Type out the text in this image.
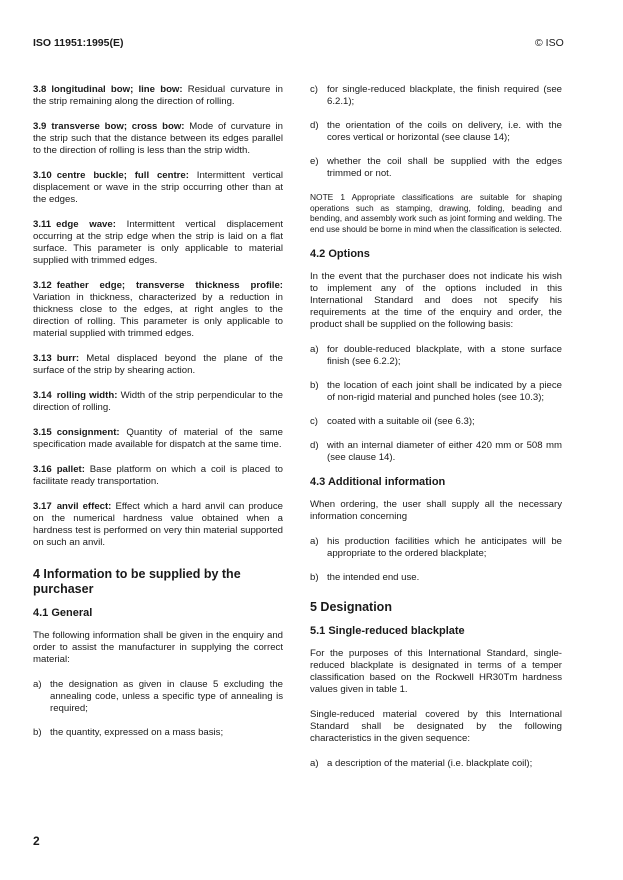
ISO 11951:1995(E)	© ISO

3.8 longitudinal bow; line bow: Residual curvature in the strip remaining along the direction of rolling.

3.9 transverse bow; cross bow: Mode of curvature in the strip such that the distance between its edges parallel to the direction of rolling is less than the strip width.

3.10 centre buckle; full centre: Intermittent vertical displacement or wave in the strip occurring other than at the edges.

3.11 edge wave: Intermittent vertical displacement occurring at the strip edge when the strip is laid on a flat surface. This parameter is only applicable to material supplied with trimmed edges.

3.12 feather edge; transverse thickness profile: Variation in thickness, characterized by a reduction in thickness close to the edges, at right angles to the direction of rolling. This parameter is only applicable to material supplied with trimmed edges.

3.13 burr: Metal displaced beyond the plane of the surface of the strip by shearing action.

3.14 rolling width: Width of the strip perpendicular to the direction of rolling.

3.15 consignment: Quantity of material of the same specification made available for dispatch at the same time.

3.16 pallet: Base platform on which a coil is placed to facilitate ready transportation.

3.17 anvil effect: Effect which a hard anvil can produce on the numerical hardness value obtained when a hardness test is performed on very thin material supported on such an anvil.

4 Information to be supplied by the purchaser
4.1 General

The following information shall be given in the enquiry and order to assist the manufacturer in supplying the correct material:

a) the designation as given in clause 5 excluding the annealing code, unless a specific type of annealing is required;
b) the quantity, expressed on a mass basis;
c) for single-reduced blackplate, the finish required (see 6.2.1);
d) the orientation of the coils on delivery, i.e. with the cores vertical or horizontal (see clause 14);
e) whether the coil shall be supplied with the edges trimmed or not.

NOTE 1 Appropriate classifications are suitable for shaping operations such as stamping, drawing, folding, beading and bending, and assembly work such as joint forming and welding. The end use should be borne in mind when the classification is selected.

4.2 Options

In the event that the purchaser does not indicate his wish to implement any of the options included in this International Standard and does not specify his requirements at the time of the enquiry and order, the product shall be supplied on the following basis:

a) for double-reduced blackplate, with a stone surface finish (see 6.2.2);
b) the location of each joint shall be indicated by a piece of non-rigid material and punched holes (see 10.3);
c) coated with a suitable oil (see 6.3);
d) with an internal diameter of either 420 mm or 508 mm (see clause 14).
4.3 Additional information

When ordering, the user shall supply all the necessary information concerning

a) his production facilities which he anticipates will be appropriate to the ordered blackplate;
b) the intended end use.
5 Designation
5.1 Single-reduced blackplate

For the purposes of this International Standard, single-reduced blackplate is designated in terms of a temper classification based on the Rockwell HR30Tm hardness values given in table 1.

Single-reduced material covered by this International Standard shall be designated by the following characteristics in the given sequence:

a) a description of the material (i.e. blackplate coil);
2
